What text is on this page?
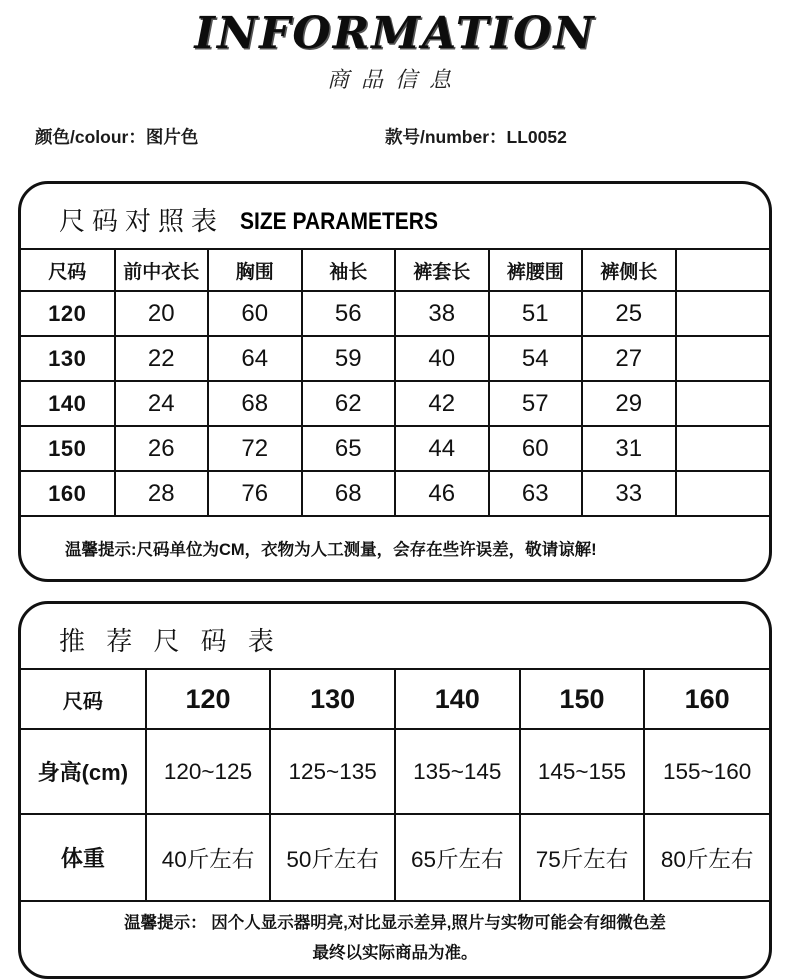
INFORMATION
商品信息
颜色/colour：图片色	款号/number：LL0052
尺码对照表 SIZE PARAMETERS
尺码	前中衣长	胸围	袖长	裤套长	裤腰围	裤侧长	
120	20	60	56	38	51	25	
130	22	64	59	40	54	27	
140	24	68	62	42	57	29	
150	26	72	65	44	60	31	
160	28	76	68	46	63	33	
温馨提示:尺码单位为CM，衣物为人工测量，会存在些许误差，敬请谅解!							
推 荐 尺 码 表
尺码	120	130	140	150	160
身高(cm)	120~125	125~135	135~145	145~155	155~160
体重	40斤左右	50斤左右	65斤左右	75斤左右	80斤左右

温馨提示： 因个人显示器明亮,对比显示差异,照片与实物可能会有细微色差
最终以实际商品为准。					
